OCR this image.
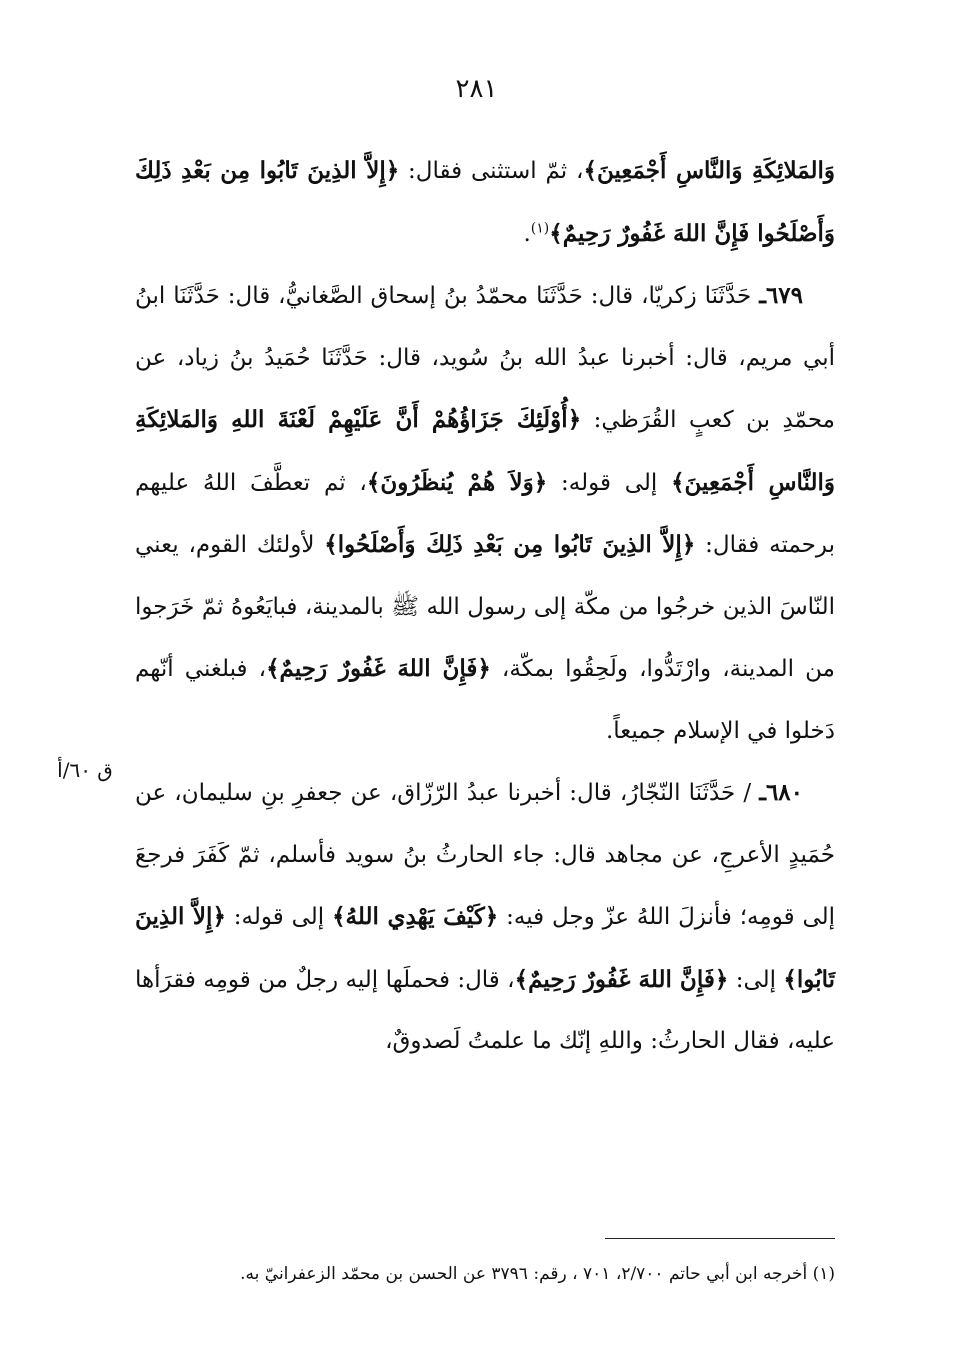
٢٨١

وَالمَلائِكَةِ وَالنَّاسِ أَجْمَعِينَ﴾، ثمّ استثنى فقال: ﴿إِلاَّ الذِينَ تَابُوا مِن بَعْدِ ذَلِكَ وَأَصْلَحُوا فَإِنَّ اللهَ غَفُورٌ رَحِيمٌ﴾$^{(١)}$.

٦٧٩ـ حَدَّثَنَا زكريّا، قال: حَدَّثَنَا محمّدُ بنُ إسحاق الصَّغانيُّ، قال: حَدَّثَنَا ابنُ أبي مريم، قال: أخبرنا عبدُ الله بنُ سُويد، قال: حَدَّثَنَا حُمَيدُ بنُ زياد، عن محمّدِ بن كعبٍ القُرَظي: ﴿أُوْلَئِكَ جَزَاؤُهُمْ أَنَّ عَلَيْهِمْ لَعْنَةَ اللهِ وَالمَلائِكَةِ وَالنَّاسِ أَجْمَعِينَ﴾ إلى قوله: ﴿وَلاَ هُمْ يُنظَرُونَ﴾، ثم تعطَّفَ اللهُ عليهم برحمته فقال: ﴿إِلاَّ الذِينَ تَابُوا مِن بَعْدِ ذَلِكَ وَأَصْلَحُوا﴾ لأولئك القوم، يعني النّاسَ الذين خرجُوا من مكّة إلى رسول الله ﷺ بالمدينة، فبايَعُوهُ ثمّ خَرَجوا من المدينة، وارْتَدُّوا، ولَحِقُوا بمكّة، ﴿فَإِنَّ اللهَ غَفُورٌ رَحِيمٌ﴾، فبلغني أنّهم دَخلوا في الإسلام جميعاً.

٦٨٠ـ / حَدَّثَنَا النّجّارُ، قال: أخبرنا عبدُ الرّزّاق، عن جعفرِ بنِ سليمان، عن حُمَيدٍ الأعرجِ، عن مجاهد قال: جاء الحارثُ بنُ سويد فأسلم، ثمّ كَفَرَ فرجعَ إلى قومِه؛ فأنزلَ اللهُ عزّ وجل فيه: ﴿كَيْفَ يَهْدِي اللهُ﴾ إلى قوله: ﴿إِلاَّ الذِينَ تَابُوا﴾ إلى: ﴿فَإِنَّ اللهَ غَفُورٌ رَحِيمٌ﴾، قال: فحملَها إليه رجلٌ من قومِه فقرَأها عليه، فقال الحارثُ: واللهِ إنّك ما علمتُ لَصدوقٌ،

ق ٦٠/أ
(١) أخرجه ابن أبي حاتم ٢/٧٠٠، ٧٠١ ، رقم: ٣٧٩٦ عن الحسن بن محمّد الزعفرانيّ به.
